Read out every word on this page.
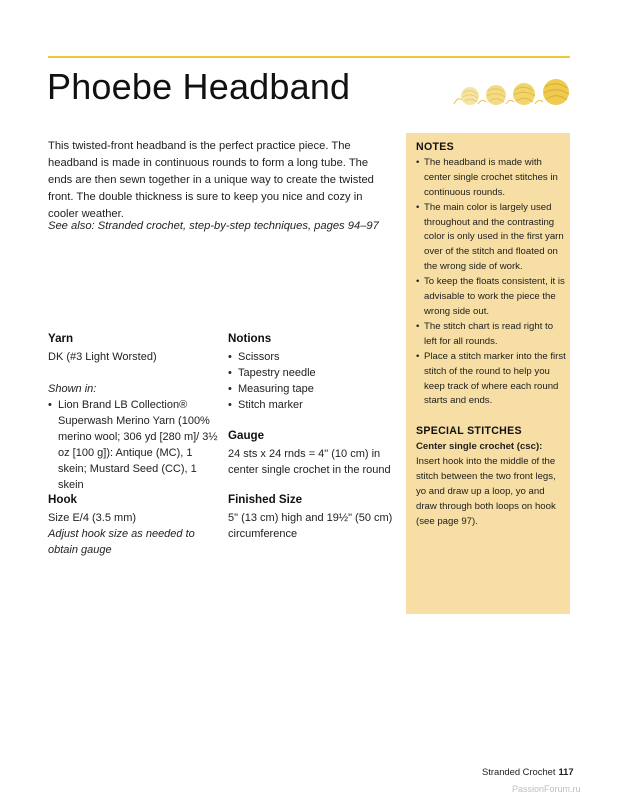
Phoebe Headband

This twisted-front headband is the perfect practice piece. The headband is made in continuous rounds to form a long tube. The ends are then sewn together in a unique way to create the twisted front. The double thickness is sure to keep you nice and cozy in cooler weather.

See also: Stranded crochet, step-by-step techniques, pages 94–97

Yarn

DK (#3 Light Worsted)

Shown in:

• Lion Brand LB Collection® Superwash Merino Yarn (100% merino wool; 306 yd [280 m]/ 3½ oz [100 g]): Antique (MC), 1 skein; Mustard Seed (CC), 1 skein
Hook

Size E/4 (3.5 mm)

Adjust hook size as needed to obtain gauge

Notions
• Scissors
• Tapestry needle
• Measuring tape
• Stitch marker
Gauge

24 sts x 24 rnds = 4" (10 cm) in center single crochet in the round

Finished Size

5" (13 cm) high and 19½" (50 cm) circumference

NOTES
• The headband is made with center single crochet stitches in continuous rounds.
• The main color is largely used throughout and the contrasting color is only used in the first yarn over of the stitch and floated on the wrong side of work.
• To keep the floats consistent, it is advisable to work the piece the wrong side out.
• The stitch chart is read right to left for all rounds.
• Place a stitch marker into the first stitch of the round to help you keep track of where each round starts and ends.
SPECIAL STITCHES

Center single crochet (csc):

Insert hook into the middle of the stitch between the two front legs, yo and draw up a loop, yo and draw through both loops on hook (see page 97).

Stranded Crochet 117
PassionForum.ru
